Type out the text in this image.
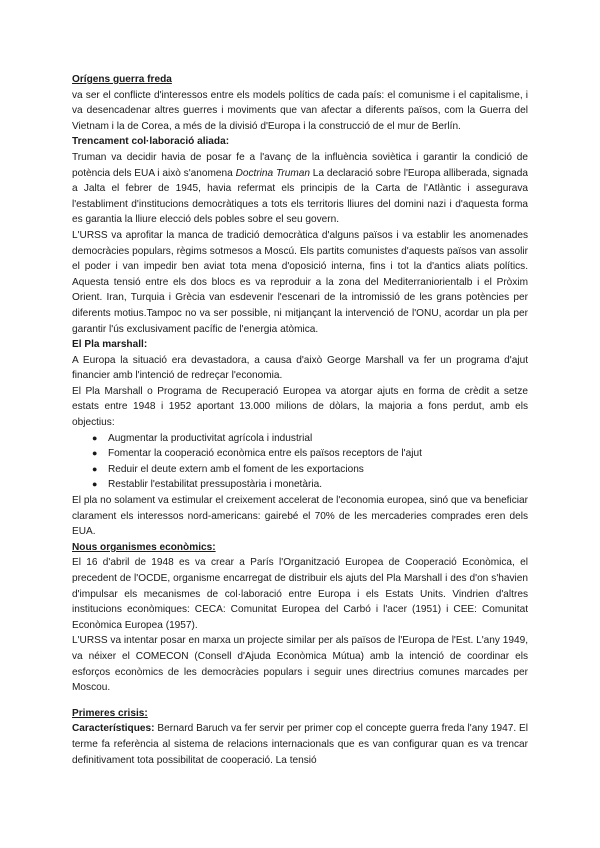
Orígens guerra freda

va ser el conflicte d'interessos entre els models polítics de cada país: el comunisme i el capitalisme, i va desencadenar altres guerres i moviments que van afectar a diferents països, com la Guerra del Vietnam i la de Corea, a més de la divisió d'Europa i la construcció de el mur de Berlín.

Trencament col·laboració aliada:

Truman va decidir havia de posar fe a l'avanç de la influència soviètica i garantir la condició de potència dels EUA i això s'anomena Doctrina Truman La declaració sobre l'Europa alliberada, signada a Jalta el febrer de 1945, havia refermat els principis de la Carta de l'Atlàntic i assegurava l'establiment d'institucions democràtiques a tots els territoris lliures del domini nazi i d'aquesta forma es garantia la lliure elecció dels pobles sobre el seu govern.

L'URSS va aprofitar la manca de tradició democràtica d'alguns països i va establir les anomenades democràcies populars, règims sotmesos a Moscú. Els partits comunistes d'aquests països van assolir el poder i van impedir ben aviat tota mena d'oposició interna, fins i tot la d'antics aliats polítics. Aquesta tensió entre els dos blocs es va reproduir a la zona del Mediterraniorientalb i el Pròxim Orient. Iran, Turquia i Grècia van esdevenir l'escenari de la intromissió de les grans potències per diferents motius.Tampoc no va ser possible, ni mitjançant la intervenció de l'ONU, acordar un pla per garantir l'ús exclusivament pacífic de l'energia atòmica.

El Pla marshall:

A Europa la situació era devastadora, a causa d'això George Marshall va fer un programa d'ajut financier amb l'intenció de redreçar l'economia.

El Pla Marshall o Programa de Recuperació Europea va atorgar ajuts en forma de crèdit a setze estats entre 1948 i 1952 aportant 13.000 milions de dòlars, la majoria a fons perdut, amb els objectius:

● Augmentar la productivitat agrícola i industrial
● Fomentar la cooperació econòmica entre els països receptors de l'ajut
● Reduir el deute extern amb el foment de les exportacions
● Restablir l'estabilitat pressupostària i monetària.

El pla no solament va estimular el creixement accelerat de l'economia europea, sinó que va beneficiar clarament els interessos nord-americans: gairebé el 70% de les mercaderies comprades eren dels EUA.

Nous organismes econòmics:

El 16 d'abril de 1948 es va crear a París l'Organització Europea de Cooperació Econòmica, el precedent de l'OCDE, organisme encarregat de distribuir els ajuts del Pla Marshall i des d'on s'havien d'impulsar els mecanismes de col·laboració entre Europa i els Estats Units. Vindrien d'altres institucions econòmiques: CECA: Comunitat Europea del Carbó i l'acer (1951) i CEE: Comunitat Econòmica Europea (1957).

L'URSS va intentar posar en marxa un projecte similar per als països de l'Europa de l'Est. L'any 1949, va néixer el COMECON (Consell d'Ajuda Econòmica Mútua) amb la intenció de coordinar els esforços econòmics de les democràcies populars i seguir unes directrius comunes marcades per Moscou.

Primeres crisis:

Característiques: Bernard Baruch va fer servir per primer cop el concepte guerra freda l'any 1947. El terme fa referència al sistema de relacions internacionals que es van configurar quan es va trencar definitivament tota possibilitat de cooperació. La tensió
